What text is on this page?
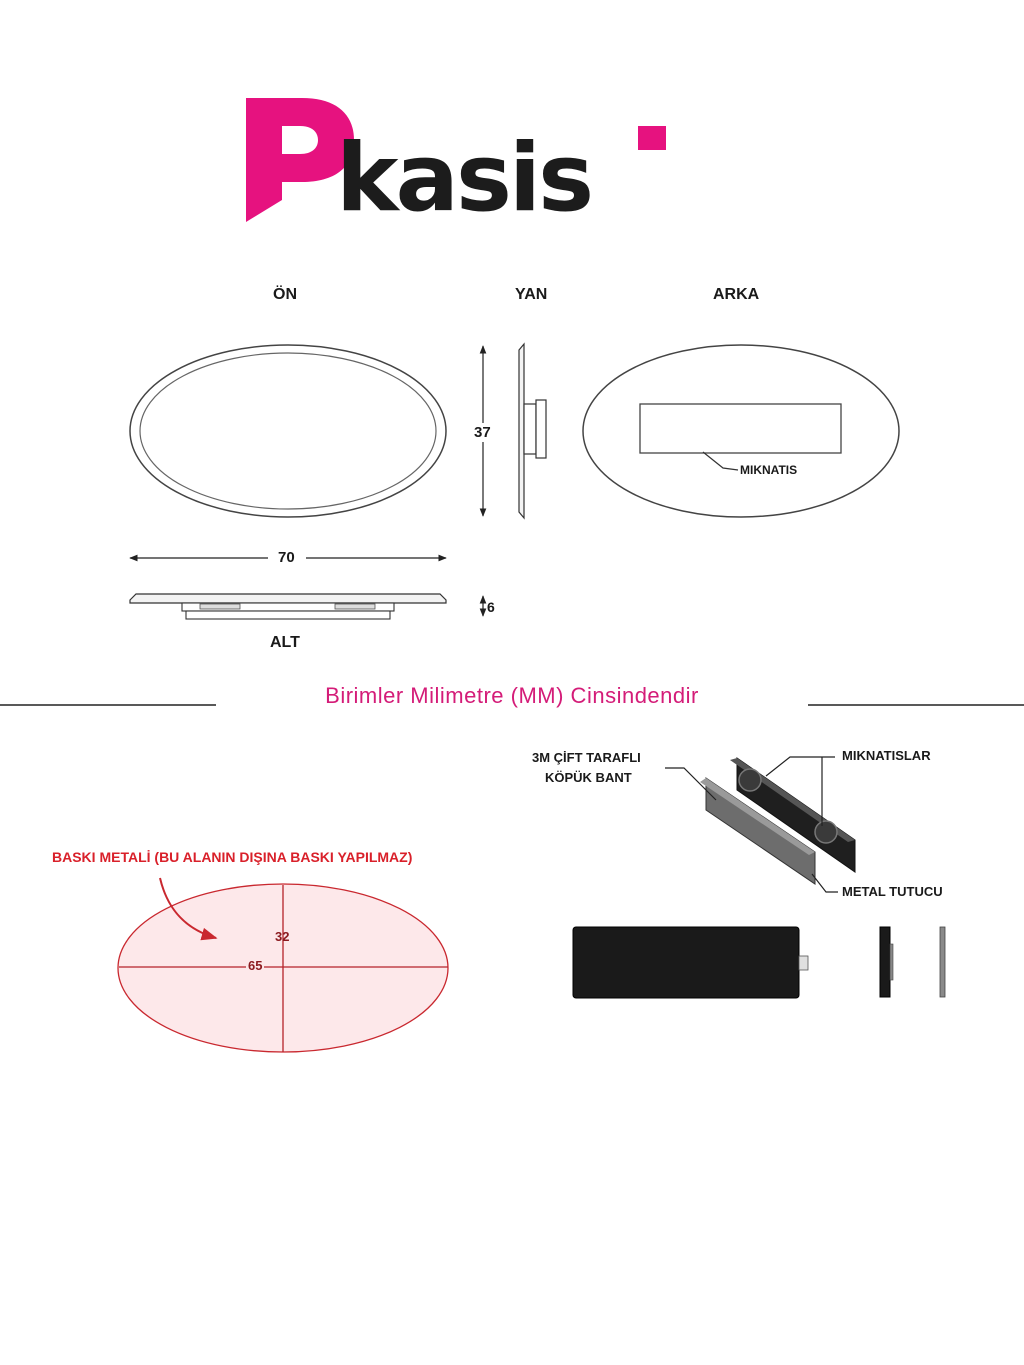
kasis
ÖN	YAN	ARKA
37
70
6
ALT
MIKNATIS
Birimler Milimetre (MM) Cinsindendir
BASKI METALİ (BU ALANIN DIŞINA BASKI YAPILMAZ)
32
65
3M ÇİFT TARAFLI
KÖPÜK BANT
MIKNATISLAR
METAL TUTUCU
